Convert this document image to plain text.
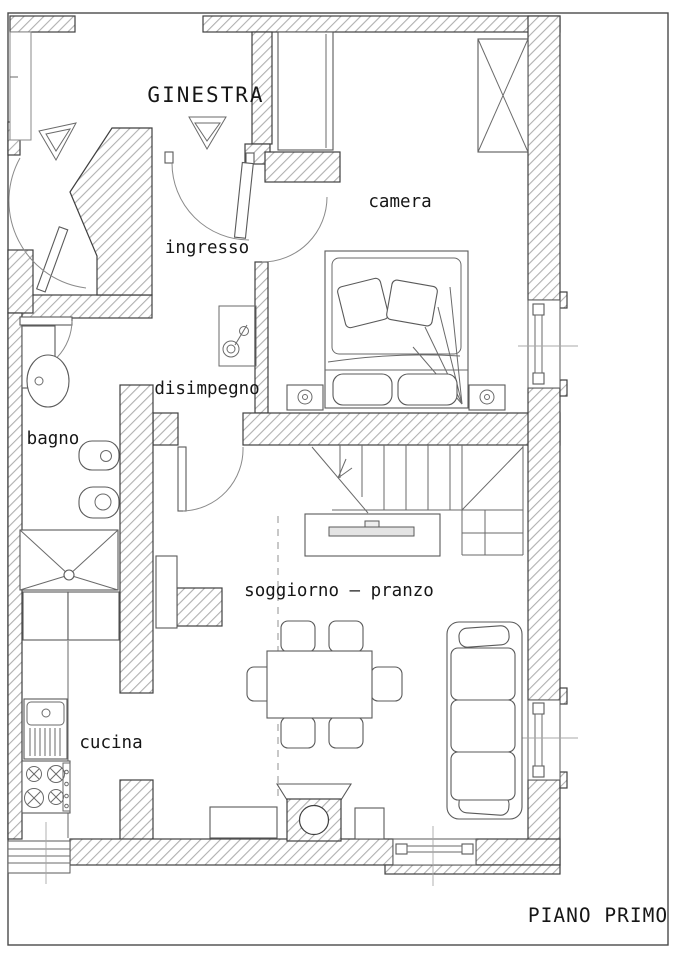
GINESTRA
camera
ingresso
disimpegno
bagno
soggiorno – pranzo
cucina
PIANO PRIMO
